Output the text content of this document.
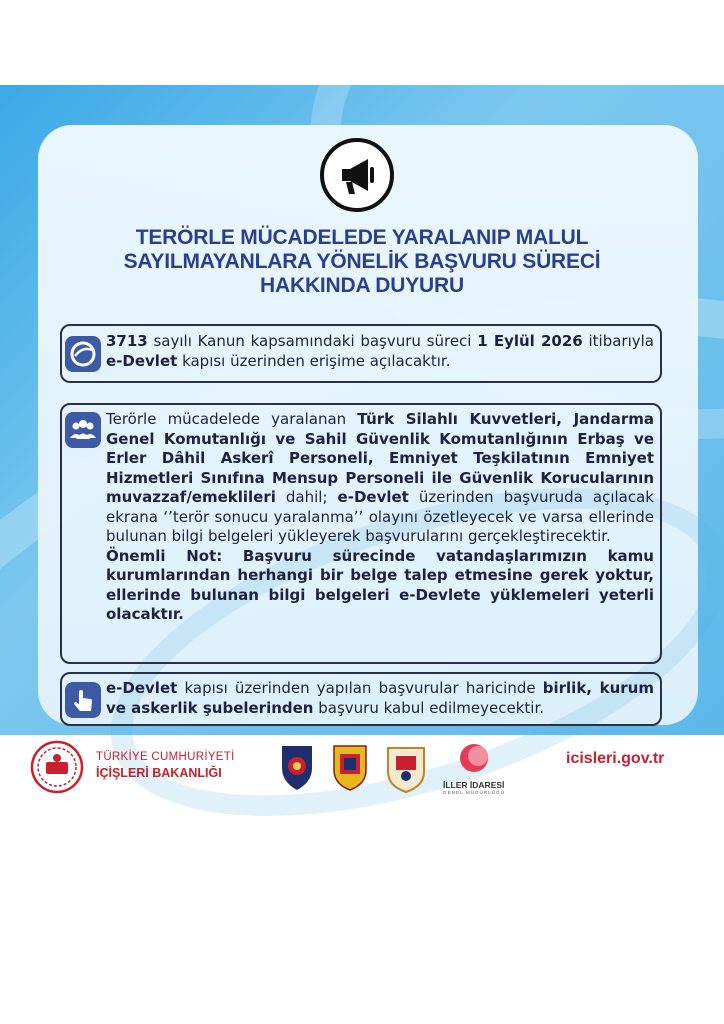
TERÖRLE MÜCADELEDE YARALANIP MALUL
SAYILMAYANLARA YÖNELİK BAŞVURU SÜRECİ
HAKKINDA DUYURU
3713 sayılı Kanun kapsamındaki başvuru süreci 1 Eylül 2026 itibarıyla e-Devlet kapısı üzerinden erişime açılacaktır.
Terörle mücadelede yaralanan Türk Silahlı Kuvvetleri, Jandarma Genel Komutanlığı ve Sahil Güvenlik Komutanlığının Erbaş ve Erler Dâhil Askerî Personeli, Emniyet Teşkilatının Emniyet Hizmetleri Sınıfına Mensup Personeli ile Güvenlik Korucularının muvazzaf/emeklileri dahil; e-Devlet üzerinden başvuruda açılacak ekrana ‘’terör sonucu yaralanma’’ olayını özetleyecek ve varsa ellerinde bulunan bilgi belgeleri yükleyerek başvurularını gerçekleştirecektir.
Önemli Not: Başvuru sürecinde vatandaşlarımızın kamu kurumlarından herhangi bir belge talep etmesine gerek yoktur, ellerinde bulunan bilgi belgeleri e-Devlete yüklemeleri yeterli olacaktır.
e-Devlet kapısı üzerinden yapılan başvurular haricinde birlik, kurum ve askerlik şubelerinden başvuru kabul edilmeyecektir.

TÜRKİYE CUMHURİYETİ

İÇİŞLERİ BAKANLIĞI

İLLER İDARESİ

GENEL MÜDÜRLÜĞÜ

icisleri.gov.tr
